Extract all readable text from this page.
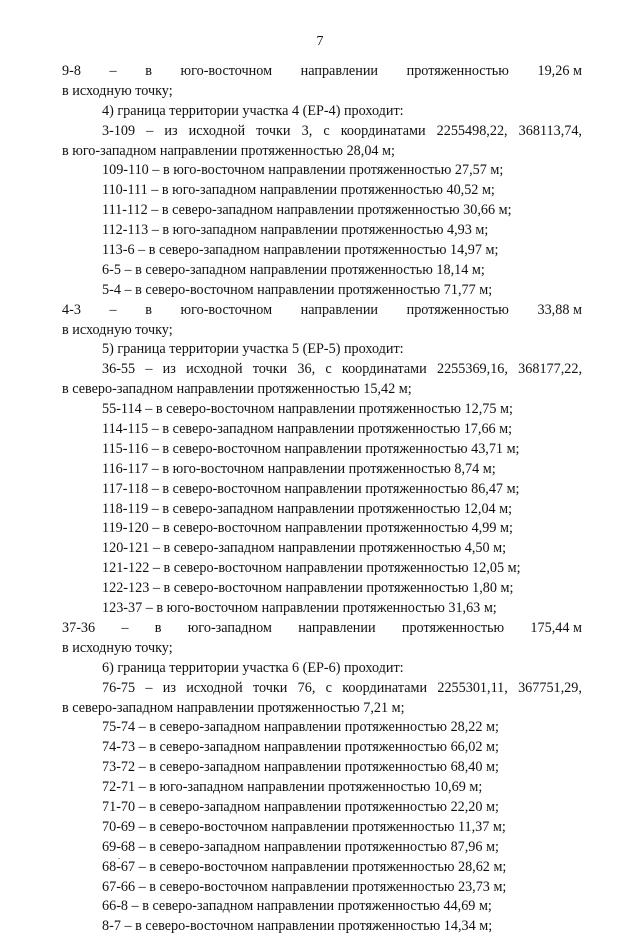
7
9-8 – в юго-восточном направлении протяженностью 19,26 м
в исходную точку;
4) граница территории участка 4 (ЕР-4) проходит:
3-109 – из исходной точки 3, с координатами 2255498,22, 368113,74,
в юго-западном направлении протяженностью 28,04 м;
109-110 – в юго-восточном направлении протяженностью 27,57 м;
110-111 – в юго-западном направлении протяженностью 40,52 м;
111-112 – в северо-западном направлении протяженностью 30,66 м;
112-113 – в юго-западном направлении протяженностью 4,93 м;
113-6 – в северо-западном направлении протяженностью 14,97 м;
6-5 – в северо-западном направлении протяженностью 18,14 м;
5-4 – в северо-восточном направлении протяженностью 71,77 м;
4-3 – в юго-восточном направлении протяженностью 33,88 м
в исходную точку;
5) граница территории участка 5 (ЕР-5) проходит:
36-55 – из исходной точки 36, с координатами 2255369,16, 368177,22,
в северо-западном направлении протяженностью 15,42 м;
55-114 – в северо-восточном направлении протяженностью 12,75 м;
114-115 – в северо-западном направлении протяженностью 17,66 м;
115-116 – в северо-восточном направлении протяженностью 43,71 м;
116-117 – в юго-восточном направлении протяженностью 8,74 м;
117-118 – в северо-восточном направлении протяженностью 86,47 м;
118-119 – в северо-западном направлении протяженностью 12,04 м;
119-120 – в северо-восточном направлении протяженностью 4,99 м;
120-121 – в северо-западном направлении протяженностью 4,50 м;
121-122 – в северо-восточном направлении протяженностью 12,05 м;
122-123 – в северо-восточном направлении протяженностью 1,80 м;
123-37 – в юго-восточном направлении протяженностью 31,63 м;
37-36 – в юго-западном направлении протяженностью 175,44 м
в исходную точку;
6) граница территории участка 6 (ЕР-6) проходит:
76-75 – из исходной точки 76, с координатами 2255301,11, 367751,29,
в северо-западном направлении протяженностью 7,21 м;
75-74 – в северо-западном направлении протяженностью 28,22 м;
74-73 – в северо-западном направлении протяженностью 66,02 м;
73-72 – в северо-западном направлении протяженностью 68,40 м;
72-71 – в юго-западном направлении протяженностью 10,69 м;
71-70 – в северо-западном направлении протяженностью 22,20 м;
70-69 – в северо-восточном направлении протяженностью 11,37 м;
69-68 – в северо-западном направлении протяженностью 87,96 м;
68-67 – в северо-восточном направлении протяженностью 28,62 м;
67-66 – в северо-восточном направлении протяженностью 23,73 м;
66-8 – в северо-западном направлении протяженностью 44,69 м;
8-7 – в северо-восточном направлении протяженностью 14,34 м;
